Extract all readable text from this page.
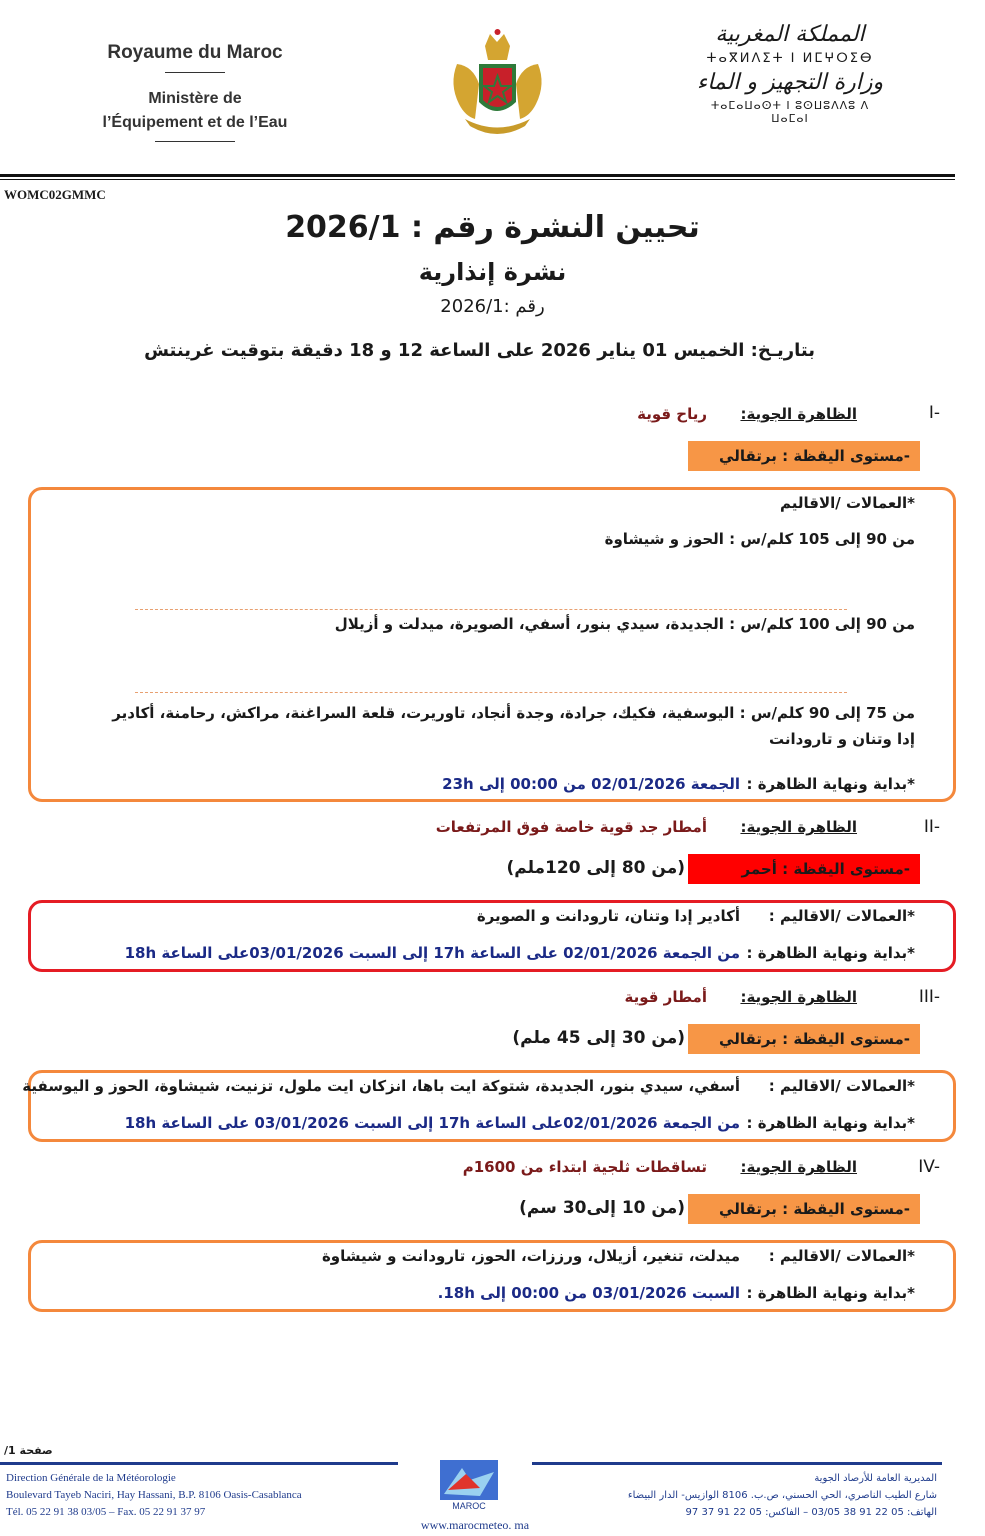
Royaume du Maroc
Ministère de
l’Équipement et de l’Eau
المملكة المغربية
ⵜⴰⴳⵍⴷⵉⵜ ⵏ ⵍⵎⵖⵔⵉⴱ
وزارة التجهيز و الماء
ⵜⴰⵎⴰⵡⴰⵙⵜ ⵏ ⵓⵙⵡⵓⴷⴷⵓ ⴷ ⵡⴰⵎⴰⵏ
WOMC02GMMC
تحيين النشرة رقم : 2026/1
نشرة إنذارية
رقم :2026/1
بتاريـخ: الخميس 01 يناير 2026 على الساعة 12 و 18 دقيقة بتوقيت غرينتش
I-
الظاهرة الجوية:
رياح قوية
-مستوى اليقظة : برتقالي
*العمالات /الاقاليم
من 90 إلى 105 كلم/س : الحوز و شيشاوة
من 90 إلى 100 كلم/س : الجديدة، سيدي بنور، أسفي، الصويرة، ميدلت و أزيلال
من 75 إلى 90 كلم/س : اليوسفية، فكيك، جرادة، وجدة أنجاد، تاوريرت، قلعة السراغنة، مراكش، رحامنة، أكادير إدا وتنان و تارودانت
*بداية ونهاية الظاهرة :
الجمعة 02/01/2026 من 00:00 إلى 23h
II-
الظاهرة الجوية:
أمطار جد قوية خاصة فوق المرتفعات
-مستوى اليقظة : أحمر
(من 80 إلى 120ملم)
*العمالات /الاقاليم :
أكادير إدا وتنان، تارودانت و الصويرة
*بداية ونهاية الظاهرة :
من الجمعة 02/01/2026 على الساعة 17h إلى السبت 03/01/2026على الساعة 18h
III-
الظاهرة الجوية:
أمطار قوية
-مستوى اليقظة : برتقالي
(من 30 إلى 45 ملم)
*العمالات /الاقاليم :
أسفي، سيدي بنور، الجديدة، شتوكة ايت باها، انزكان ايت ملول، تزنيت، شيشاوة، الحوز و اليوسفية
*بداية ونهاية الظاهرة :
من الجمعة 02/01/2026على الساعة 17h إلى السبت 03/01/2026 على الساعة 18h
IV-
الظاهرة الجوية:
تساقطات ثلجية ابتداء من 1600م
-مستوى اليقظة : برتقالي
(من 10 إلى30 سم)
*العمالات /الاقاليم :
ميدلت، تنغير، أزيلال، ورززات، الحوز، تارودانت و شيشاوة
*بداية ونهاية الظاهرة :
السبت 03/01/2026 من 00:00 إلى 18h.
صفحة 1/
Direction Générale de la Météorologie
Boulevard Tayeb Naciri, Hay Hassani, B.P. 8106 Oasis-Casablanca
Tél. 05 22 91 38 03/05 – Fax. 05 22 91 37 97	MAROC
المديرية العامة للأرصاد الجوية
شارع الطيب الناصري، الحي الحسني، ص.ب. 8106 الوازيس- الدار البيضاء
الهاتف: 05 22 91 38 03/05 – الفاكس: 05 22 91 37 97
www.marocmeteo. ma
